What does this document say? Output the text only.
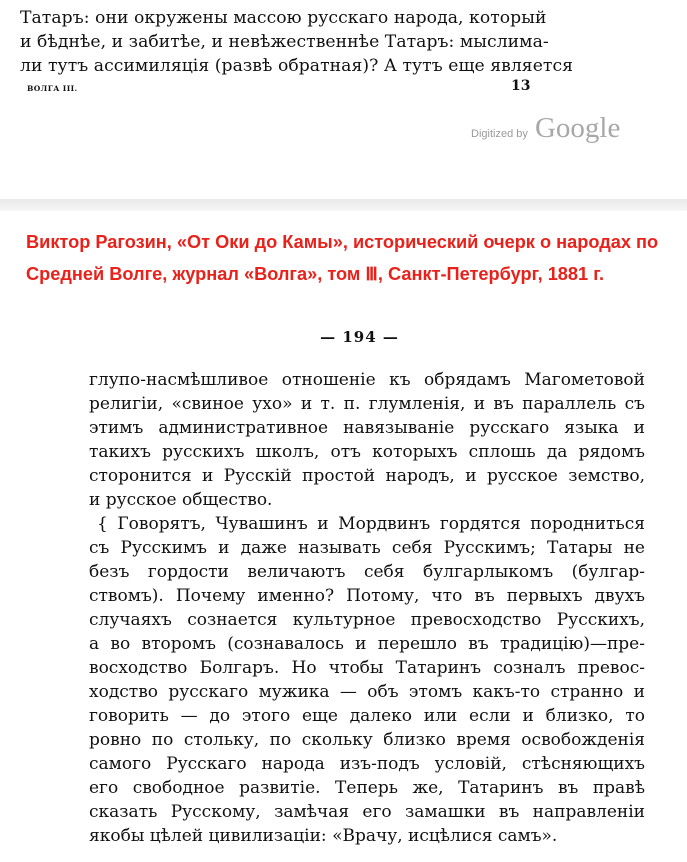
Татаръ: они окружены массою русскаго народа, который
и бѣднѣе, и забитѣе, и невѣжественнѣе Татаръ: мыслима-
ли тутъ ассимиляція (развѣ обратная)? А тутъ еще является
ВОЛГА III.	13
Digitized by Google
Виктор Рагозин, «От Оки до Камы», исторический очерк о народах по Средней Волге, журнал «Волга», том Ⅲ, Санкт-Петербург, 1881 г.
— 194 —
глупо-насмѣшливое отношеніе къ обрядамъ Магометовой
религіи, «свиное ухо» и т. п. глумленія, и въ параллель съ
этимъ административное навязываніе русскаго языка и
такихъ русскихъ школъ, отъ которыхъ сплошь да рядомъ
сторонится и Русскій простой народъ, и русское земство,
и русское общество.
{ Говорятъ, Чувашинъ и Мордвинъ гордятся породниться
съ Русскимъ и даже называть себя Русскимъ; Татары не
безъ гордости величаютъ себя булгарлыкомъ (булгар-
ствомъ). Почему именно? Потому, что въ первыхъ двухъ
случаяхъ сознается культурное превосходство Русскихъ,
а во второмъ (сознавалось и перешло въ традицію)—пре-
восходство Болгаръ. Но чтобы Татаринъ созналъ превос-
ходство русскаго мужика — объ этомъ какъ-то странно и
говорить — до этого еще далеко или если и близко, то
ровно по стольку, по скольку близко время освобожденія
самого Русскаго народа изъ-подъ условій, стѣсняющихъ
его свободное развитіе. Теперь же, Татаринъ въ правѣ
сказать Русскому, замѣчая его замашки въ направленіи
якобы цѣлей цивилизаціи: «Врачу, исцѣлися самъ».
